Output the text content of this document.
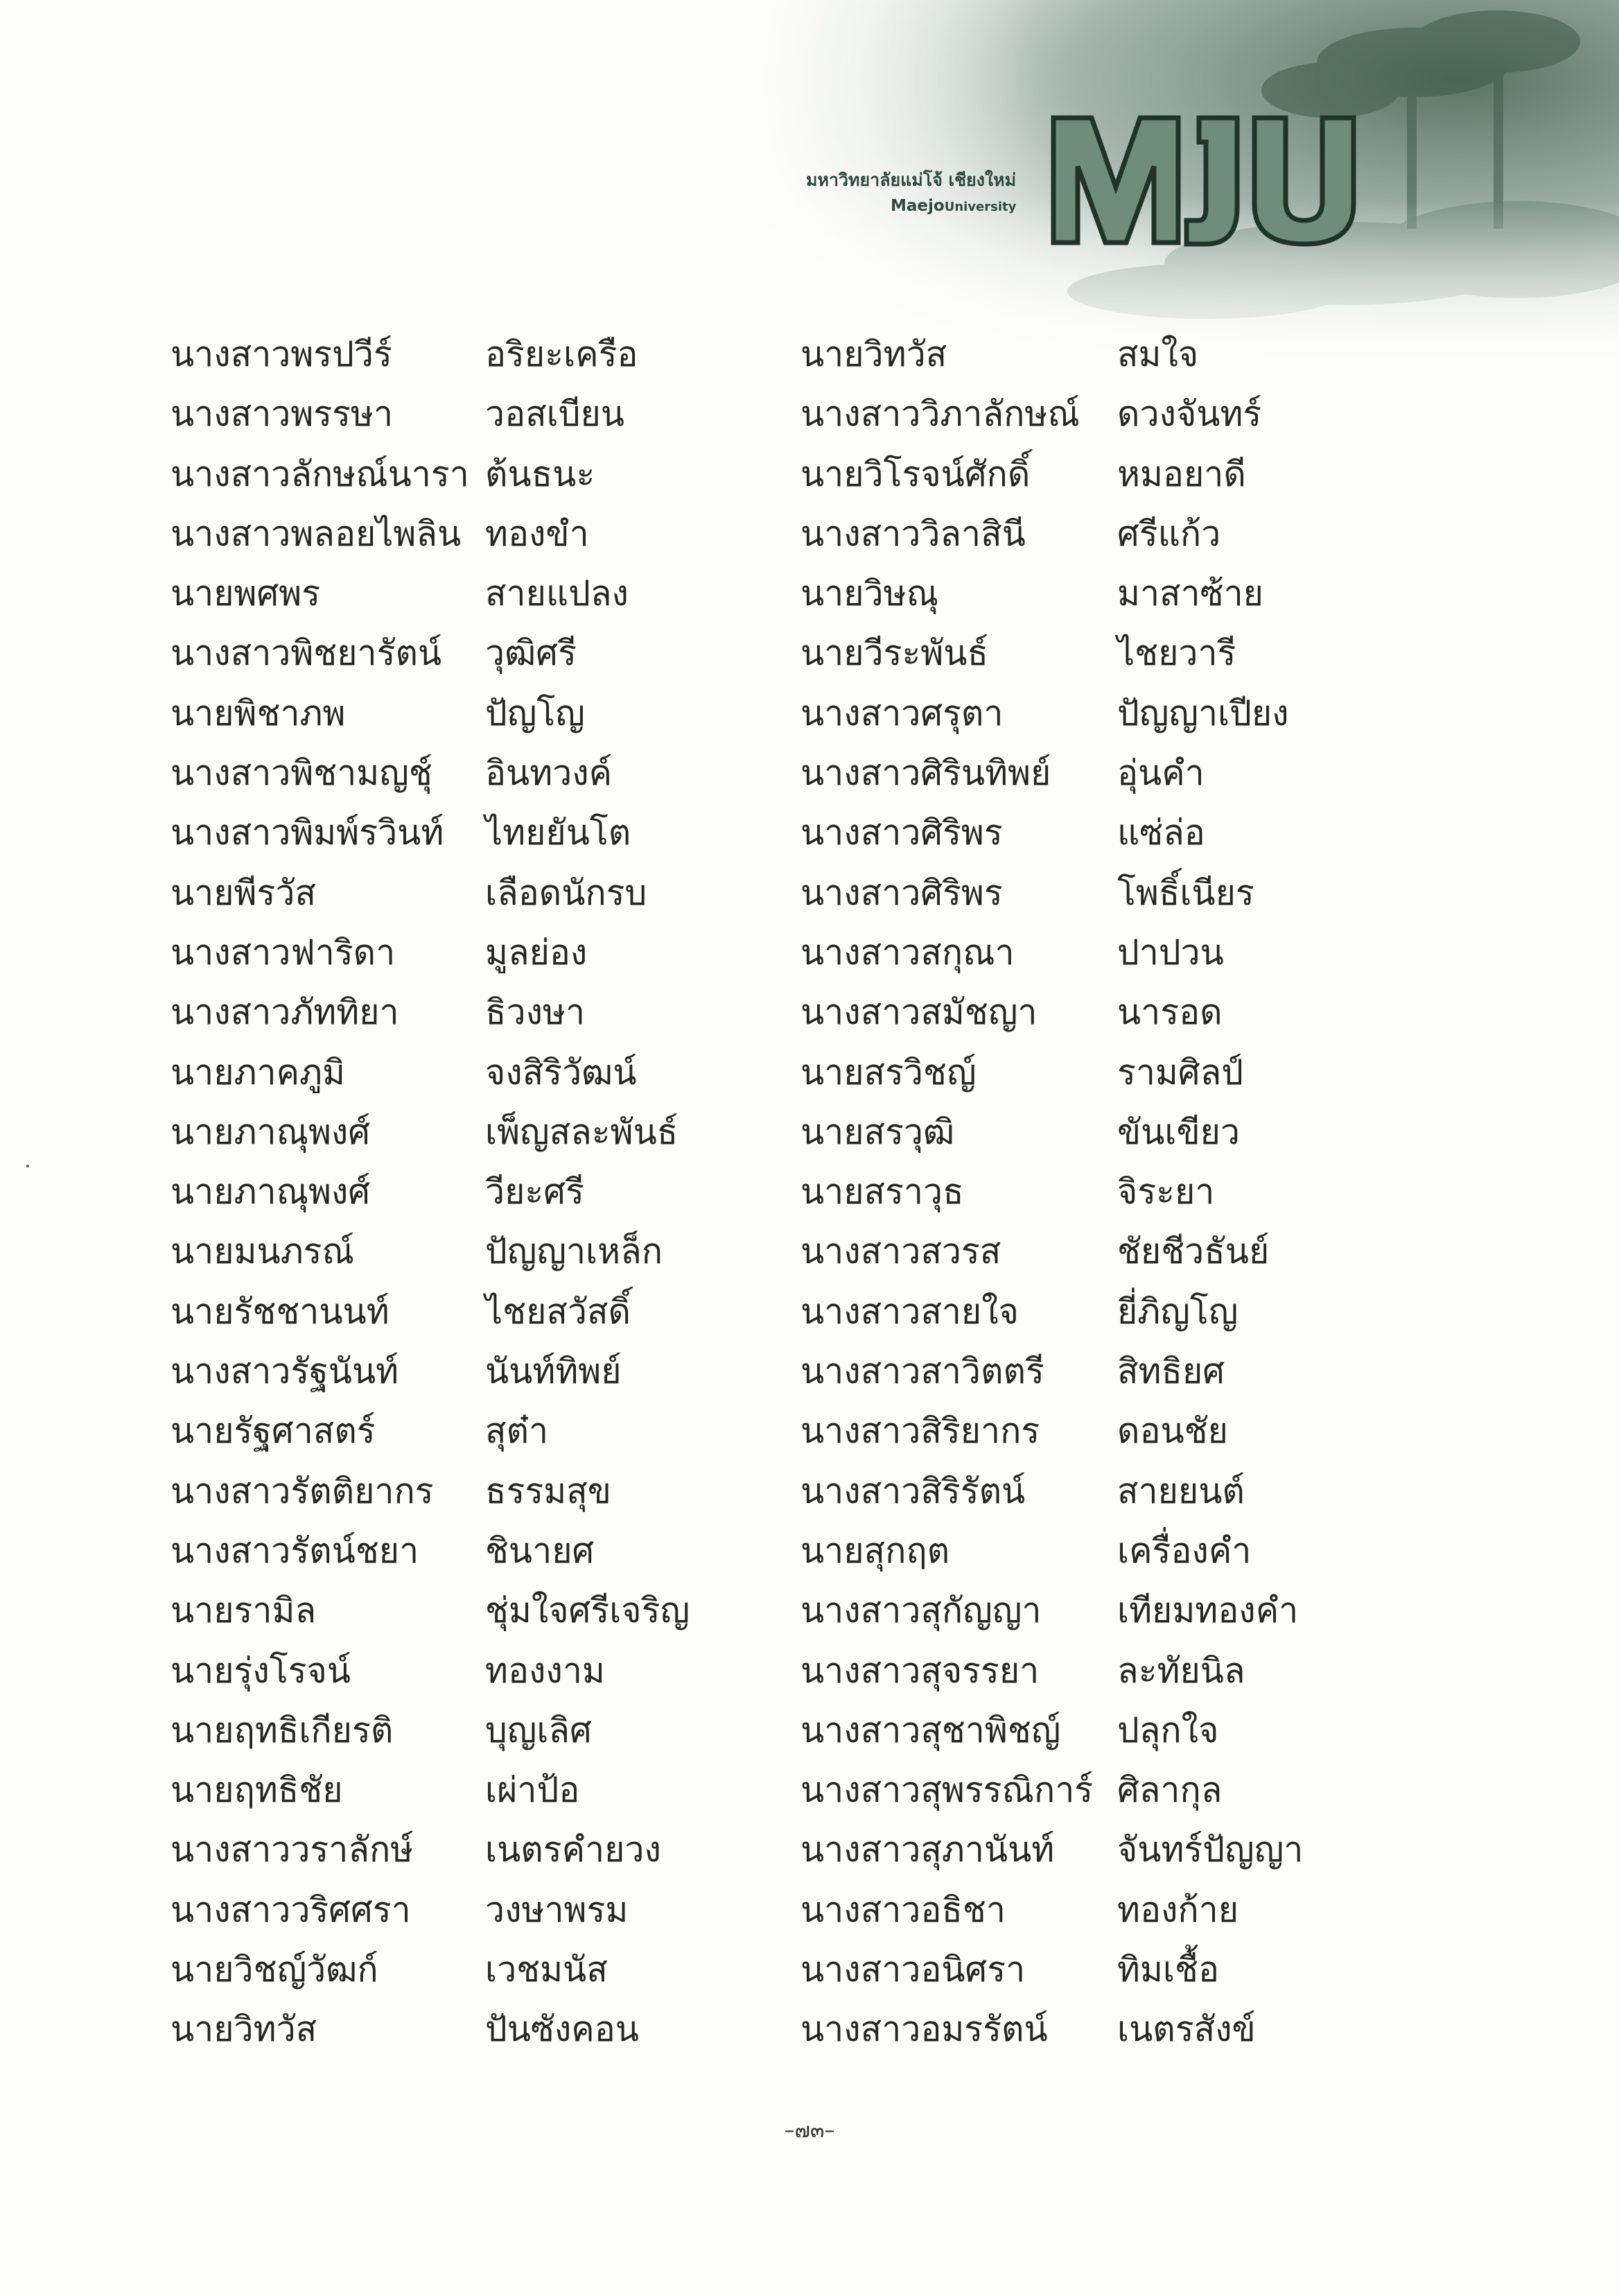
มหาวิทยาลัยแม่โจ้ เชียงใหม่
MaejoUniversity
นางสาวพรปวีร์
นางสาวพรรษา
นางสาวลักษณ์นารา
นางสาวพลอยไพลิน
นายพศพร
นางสาวพิชยารัตน์
นายพิชาภพ
นางสาวพิชามญชุ์
นางสาวพิมพ์รวินท์
นายพีรวัส
นางสาวฟาริดา
นางสาวภัททิยา
นายภาคภูมิ
นายภาณุพงศ์
นายภาณุพงศ์
นายมนภรณ์
นายรัชชานนท์
นางสาวรัฐนันท์
นายรัฐศาสตร์
นางสาวรัตติยากร
นางสาวรัตน์ชยา
นายรามิล
นายรุ่งโรจน์
นายฤทธิเกียรติ
นายฤทธิชัย
นางสาววราลักษ์
นางสาววริศศรา
นายวิชญ์วัฒก์
นายวิทวัส
อริยะเครือ
วอสเบียน
ต้นธนะ
ทองขำ
สายแปลง
วุฒิศรี
ปัญโญ
อินทวงค์
ไทยยันโต
เลือดนักรบ
มูลย่อง
ธิวงษา
จงสิริวัฒน์
เพ็ญสละพันธ์
วียะศรี
ปัญญาเหล็ก
ไชยสวัสดิ์
นันท์ทิพย์
สุต๋า
ธรรมสุข
ชินายศ
ชุ่มใจศรีเจริญ
ทองงาม
บุญเลิศ
เผ่าป้อ
เนตรคำยวง
วงษาพรม
เวชมนัส
ปันซังคอน
นายวิทวัส
นางสาววิภาลักษณ์
นายวิโรจน์ศักดิ์
นางสาววิลาสินี
นายวิษณุ
นายวีระพันธ์
นางสาวศรุตา
นางสาวศิรินทิพย์
นางสาวศิริพร
นางสาวศิริพร
นางสาวสกุณา
นางสาวสมัชญา
นายสรวิชญ์
นายสรวุฒิ
นายสราวุธ
นางสาวสวรส
นางสาวสายใจ
นางสาวสาวิตตรี
นางสาวสิริยากร
นางสาวสิริรัตน์
นายสุกฤต
นางสาวสุกัญญา
นางสาวสุจรรยา
นางสาวสุชาพิชญ์
นางสาวสุพรรณิการ์
นางสาวสุภานันท์
นางสาวอธิชา
นางสาวอนิศรา
นางสาวอมรรัตน์
สมใจ
ดวงจันทร์
หมอยาดี
ศรีแก้ว
มาสาซ้าย
ไชยวารี
ปัญญาเปียง
อุ่นคำ
แซ่ล่อ
โพธิ์เนียร
ปาปวน
นารอด
รามศิลป์
ขันเขียว
จิระยา
ชัยชีวธันย์
ยี่ภิญโญ
สิทธิยศ
ดอนชัย
สายยนต์
เครื่องคำ
เทียมทองคำ
ละทัยนิล
ปลุกใจ
ศิลากุล
จันทร์ปัญญา
ทองก้าย
ทิมเชื้อ
เนตรสังข์
–๗๓–
